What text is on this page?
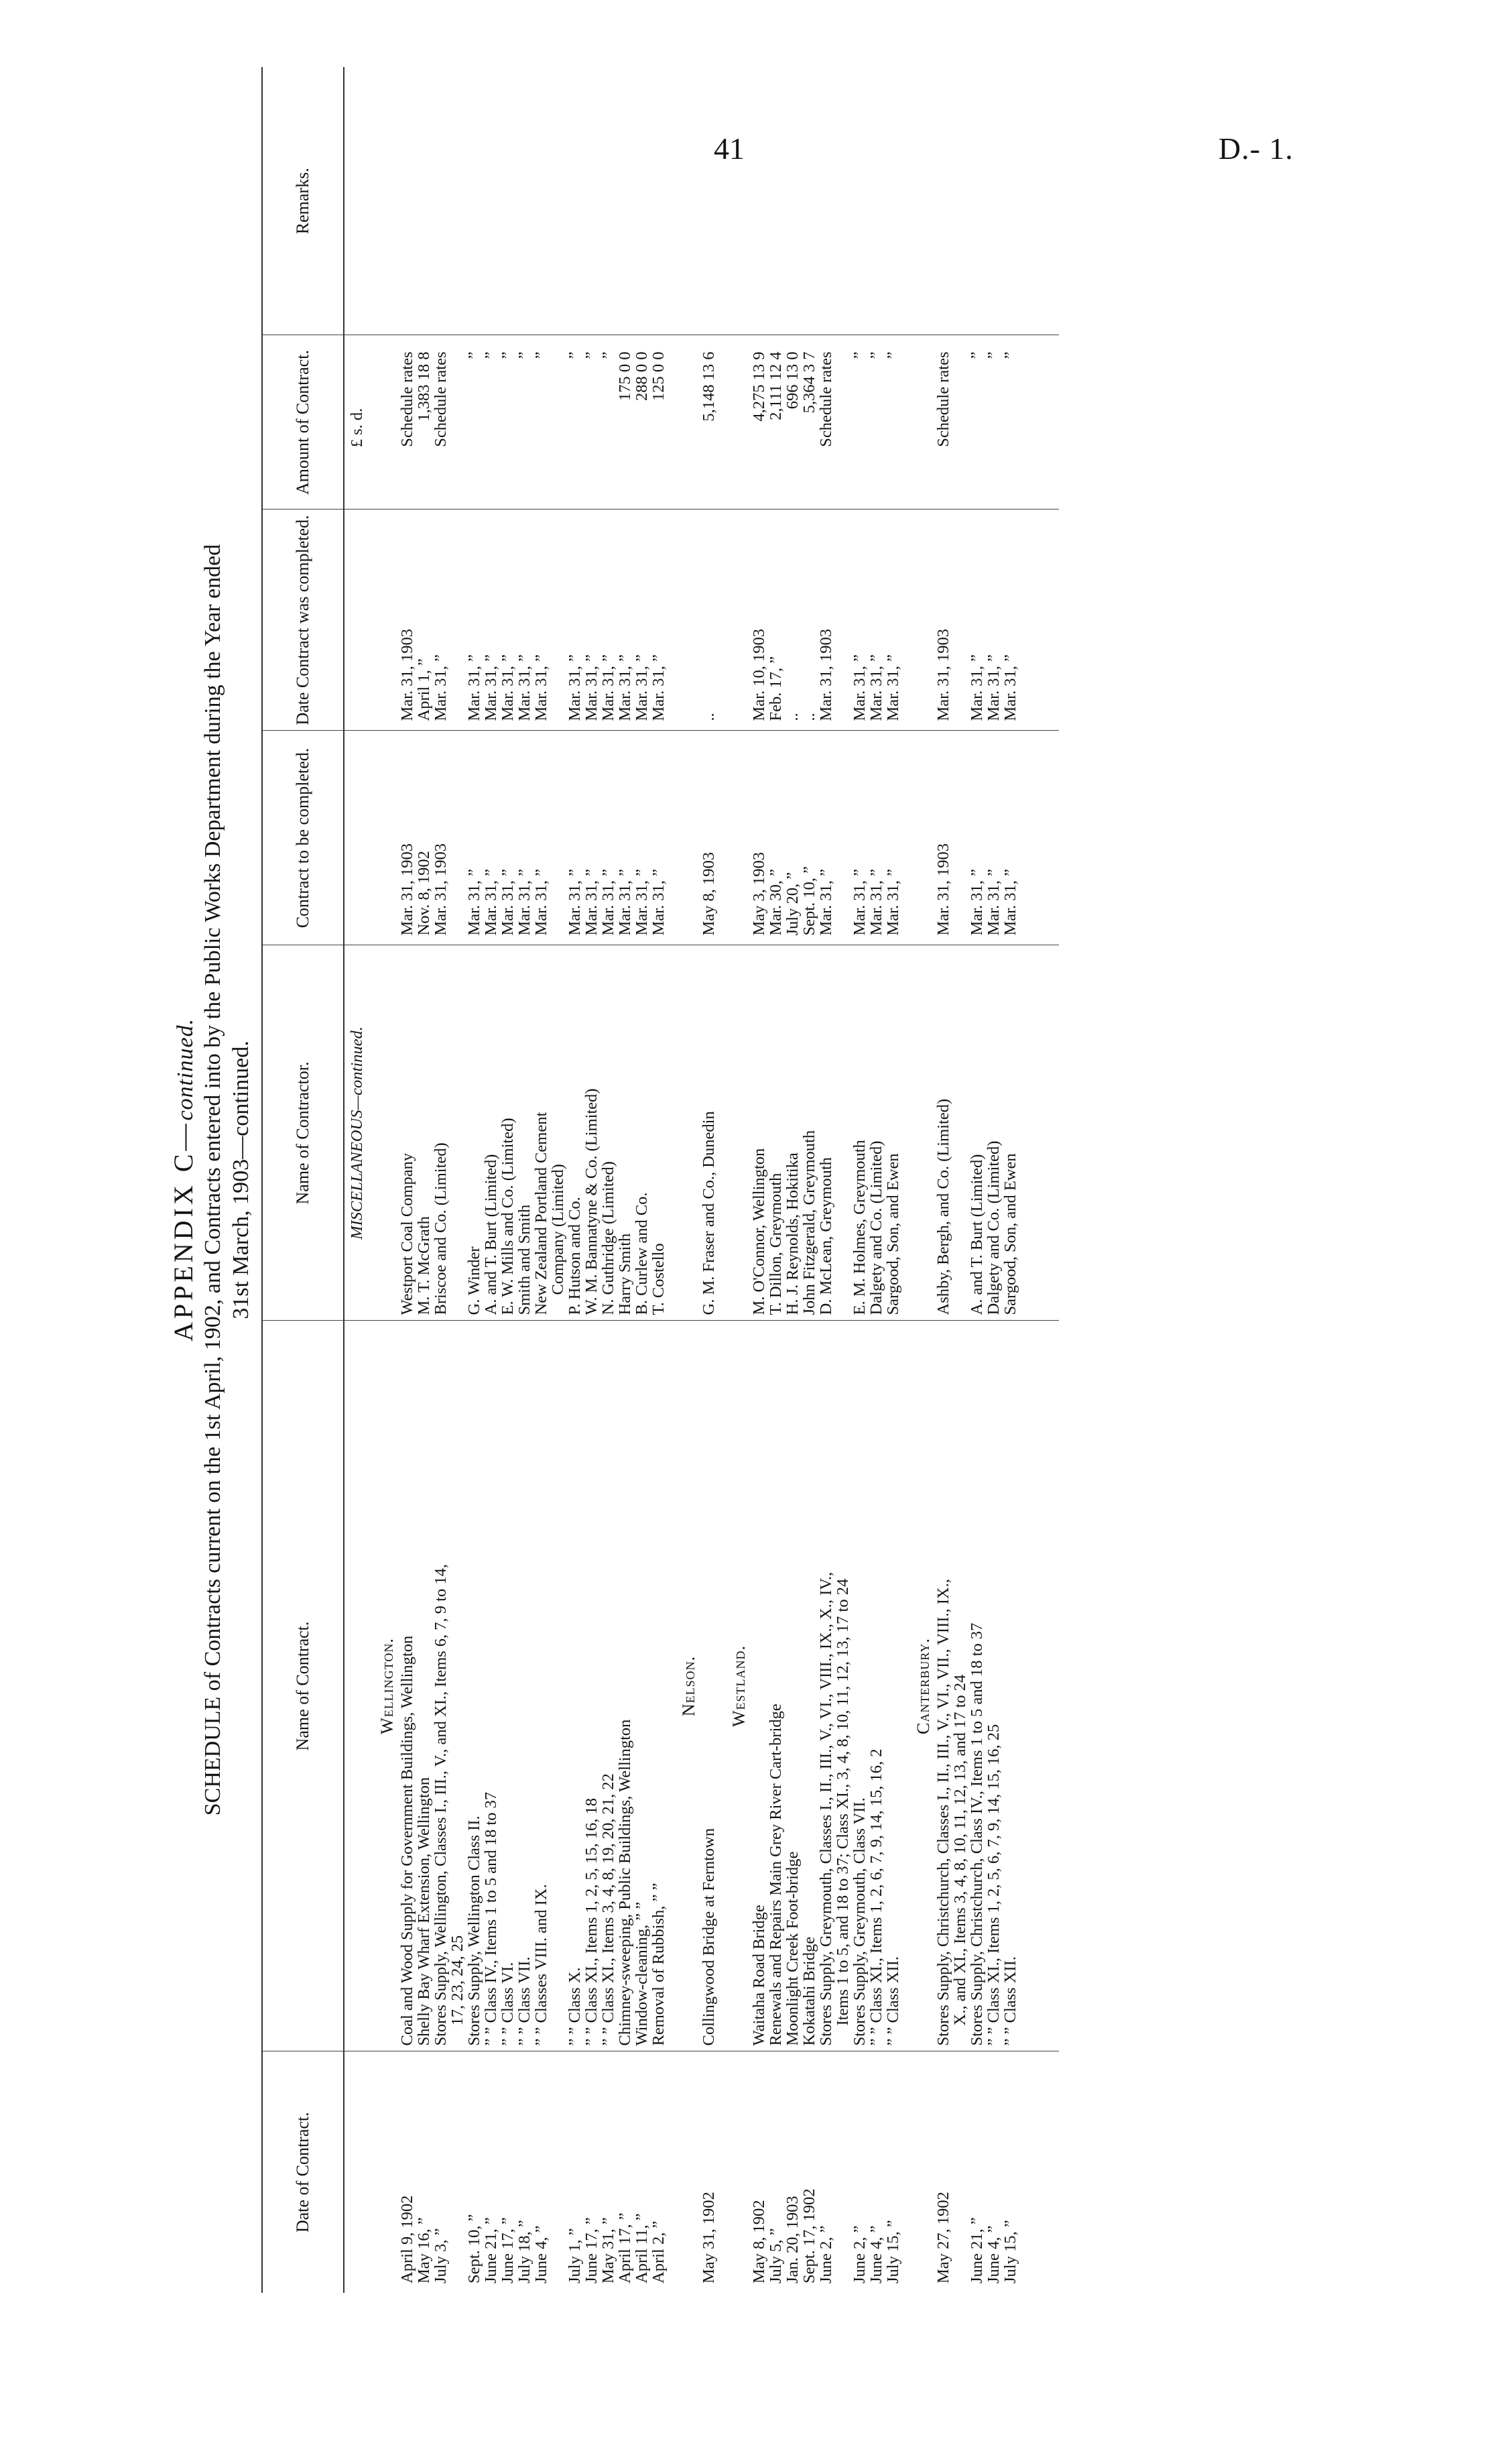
41	D.- 1.
APPENDIX C—continued. SCHEDULE of Contracts current on the 1st April, 1902, and Contracts entered into by the Public Works Department during the Year ended 31st March, 1903—continued.
Date of Contract.	Name of Contract.	Name of Contractor.	Contract to be completed.	Date Contract was completed.	Amount of Contract.	Remarks.
		MISCELLANEOUS—continued.			£ s. d.	
	Wellington.					
April 9, 1902	Coal and Wood Supply for Government Buildings, Wellington	Westport Coal Company	Mar. 31, 1903	Mar. 31, 1903	Schedule rates	
May 16, ”	Shelly Bay Wharf Extension, Wellington	M. T. McGrath	Nov. 8, 1902	April 1, ”	1,383 18 8	
July 3, ”	Stores Supply, Wellington, Classes I., III., V., and XI., Items 6, 7, 9 to 14,	Briscoe and Co. (Limited)	Mar. 31, 1903	Mar. 31, ”	Schedule rates	
	17, 23, 24, 25					
Sept. 10, ”	Stores Supply, Wellington Class II.	G. Winder	Mar. 31, ”	Mar. 31, ”	”	
June 21, ”	” ” Class IV., Items 1 to 5 and 18 to 37	A. and T. Burt (Limited)	Mar. 31, ”	Mar. 31, ”	”	
June 17, ”	” ” Class VI.	E. W. Mills and Co. (Limited)	Mar. 31, ”	Mar. 31, ”	”	
July 18, ”	” ” Class VII.	Smith and Smith	Mar. 31, ”	Mar. 31, ”	”	
June 4, ”	” ” Classes VIII. and IX.	New Zealand Portland Cement	Mar. 31, ”	Mar. 31, ”	”	
		Company (Limited)				
July 1, ”	” ” Class X.	P. Hutson and Co.	Mar. 31, ”	Mar. 31, ”	”	
June 17, ”	” ” Class XI., Items 1, 2, 5, 15, 16, 18	W. M. Bannatyne & Co. (Limited)	Mar. 31, ”	Mar. 31, ”	”	
May 31, ”	” ” Class XI., Items 3, 4, 8, 19, 20, 21, 22	N. Guthridge (Limited)	Mar. 31, ”	Mar. 31, ”	”	
April 17, ”	Chimney-sweeping, Public Buildings, Wellington	Harry Smith	Mar. 31, ”	Mar. 31, ”	175 0 0	
April 11, ”	Window-cleaning, ” ”	B. Curlew and Co.	Mar. 31, ”	Mar. 31, ”	288 0 0	
April 2, ”	Removal of Rubbish, ” ”	T. Costello	Mar. 31, ”	Mar. 31, ”	125 0 0	
	Nelson.					
May 31, 1902	Collingwood Bridge at Ferntown	G. M. Fraser and Co., Dunedin	May 8, 1903	..	5,148 13 6	
	Westland.					
May 8, 1902	Waitaha Road Bridge	M. O'Connor, Wellington	May 3, 1903	Mar. 10, 1903	4,275 13 9	
July 5, ”	Renewals and Repairs Main Grey River Cart-bridge	T. Dillon, Greymouth	Mar. 30, ”	Feb. 17, ”	2,111 12 4	
Jan. 20, 1903	Moonlight Creek Foot-bridge	H. J. Reynolds, Hokitika	July 20, ”	..	696 13 0	
Sept. 17, 1902	Kokatahi Bridge	John Fitzgerald, Greymouth	Sept. 10, ”	..	5,364 3 7	
June 2, ”	Stores Supply, Greymouth, Classes I., II., III., V., VI., VIII., IX., X., IV.,	D. McLean, Greymouth	Mar. 31, ”	Mar. 31, 1903	Schedule rates	
	Items 1 to 5, and 18 to 37; Class XI., 3, 4, 8, 10, 11, 12, 13, 17 to 24					
June 2, ”	Stores Supply, Greymouth, Class VII.	E. M. Holmes, Greymouth	Mar. 31, ”	Mar. 31, ”	”	
June 4, ”	” ” Class XI., Items 1, 2, 6, 7, 9, 14, 15, 16, 2	Dalgety and Co. (Limited)	Mar. 31, ”	Mar. 31, ”	”	
July 15, ”	” ” Class XII.	Sargood, Son, and Ewen	Mar. 31, ”	Mar. 31, ”	”	
	Canterbury.					
May 27, 1902	Stores Supply, Christchurch, Classes I., II., III., V., VI., VII., VIII., IX.,	Ashby, Bergh, and Co. (Limited)	Mar. 31, 1903	Mar. 31, 1903	Schedule rates	
	X., and XI., Items 3, 4, 8, 10, 11, 12, 13, and 17 to 24					
June 21, ”	Stores Supply, Christchurch, Class IV., Items 1 to 5 and 18 to 37	A. and T. Burt (Limited)	Mar. 31, ”	Mar. 31, ”	”	
June 4, ”	” ” Class XI., Items 1, 2, 5, 6, 7, 9, 14, 15, 16, 25	Dalgety and Co. (Limited)	Mar. 31, ”	Mar. 31, ”	”	
July 15, ”	” ” Class XII.	Sargood, Son, and Ewen	Mar. 31, ”	Mar. 31, ”	”	
